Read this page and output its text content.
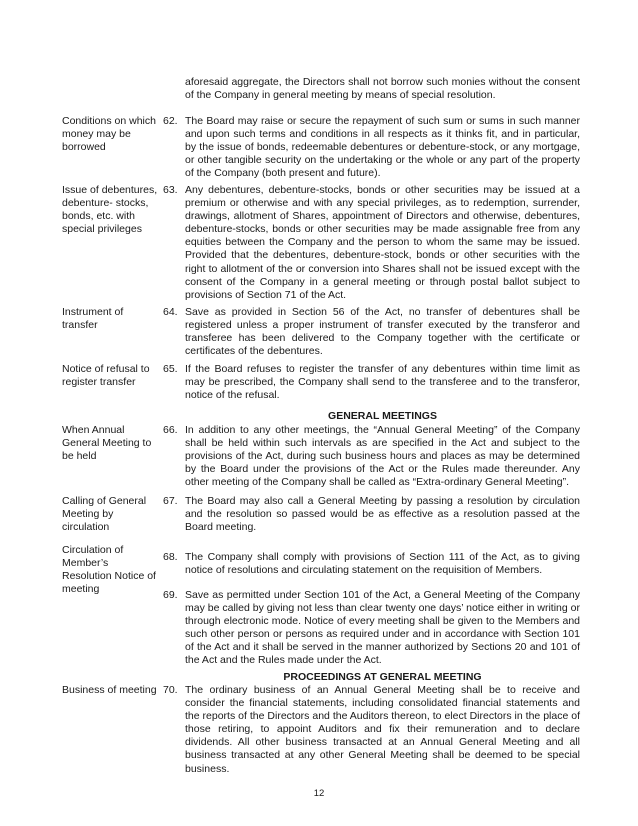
aforesaid aggregate, the Directors shall not borrow such monies without the consent of the Company in general meeting by means of special resolution.
Conditions on which money may be borrowed
62. The Board may raise or secure the repayment of such sum or sums in such manner and upon such terms and conditions in all respects as it thinks fit, and in particular, by the issue of bonds, redeemable debentures or debenture-stock, or any mortgage, or other tangible security on the undertaking or the whole or any part of the property of the Company (both present and future).
Issue of debentures, debenture- stocks, bonds, etc. with special privileges
63. Any debentures, debenture-stocks, bonds or other securities may be issued at a premium or otherwise and with any special privileges, as to redemption, surrender, drawings, allotment of Shares, appointment of Directors and otherwise, debentures, debenture-stocks, bonds or other securities may be made assignable free from any equities between the Company and the person to whom the same may be issued. Provided that the debentures, debenture-stock, bonds or other securities with the right to allotment of the or conversion into Shares shall not be issued except with the consent of the Company in a general meeting or through postal ballot subject to provisions of Section 71 of the Act.
Instrument of transfer
64. Save as provided in Section 56 of the Act, no transfer of debentures shall be registered unless a proper instrument of transfer executed by the transferor and transferee has been delivered to the Company together with the certificate or certificates of the debentures.
Notice of refusal to register transfer
65. If the Board refuses to register the transfer of any debentures within time limit as may be prescribed, the Company shall send to the transferee and to the transferor, notice of the refusal.
GENERAL MEETINGS
When Annual General Meeting to be held
66. In addition to any other meetings, the “Annual General Meeting” of the Company shall be held within such intervals as are specified in the Act and subject to the provisions of the Act, during such business hours and places as may be determined by the Board under the provisions of the Act or the Rules made thereunder. Any other meeting of the Company shall be called as “Extra-ordinary General Meeting”.
Calling of General Meeting by circulation
67. The Board may also call a General Meeting by passing a resolution by circulation and the resolution so passed would be as effective as a resolution passed at the Board meeting.
Circulation of Member’s Resolution Notice of meeting
68. The Company shall comply with provisions of Section 111 of the Act, as to giving notice of resolutions and circulating statement on the requisition of Members.
69. Save as permitted under Section 101 of the Act, a General Meeting of the Company may be called by giving not less than clear twenty one days’ notice either in writing or through electronic mode. Notice of every meeting shall be given to the Members and such other person or persons as required under and in accordance with Section 101 of the Act and it shall be served in the manner authorized by Sections 20 and 101 of the Act and the Rules made under the Act.
PROCEEDINGS AT GENERAL MEETING
Business of meeting 70. The ordinary business of an Annual General Meeting shall be to receive and consider the financial statements, including consolidated financial statements and the reports of the Directors and the Auditors thereon, to elect Directors in the place of those retiring, to appoint Auditors and fix their remuneration and to declare dividends. All other business transacted at an Annual General Meeting and all business transacted at any other General Meeting shall be deemed to be special business.
12
